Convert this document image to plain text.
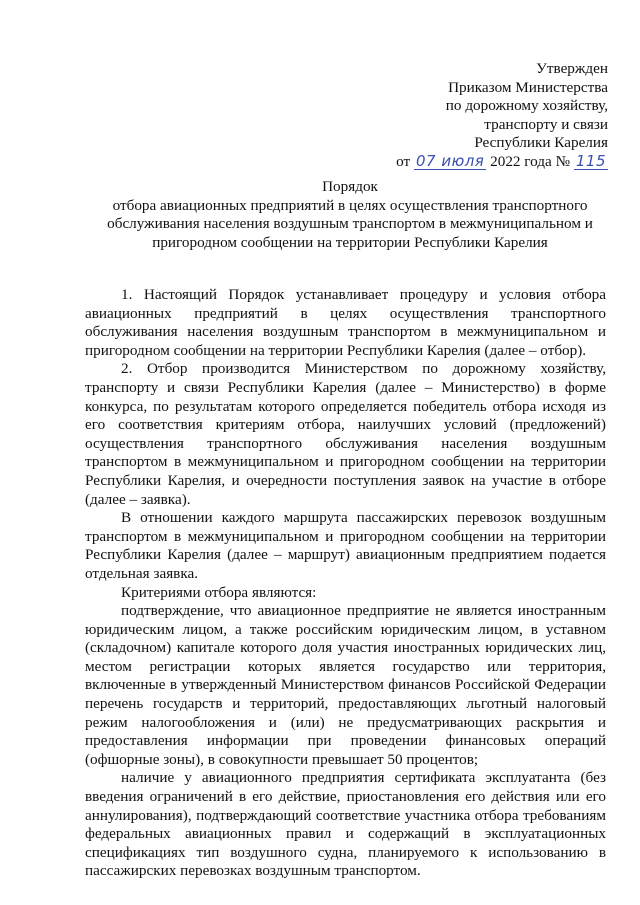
Утвержден
Приказом Министерства
по дорожному хозяйству,
транспорту и связи
Республики Карелия
от 07 июля 2022 года № 115
Порядок
отбора авиационных предприятий в целях осуществления транспортного
обслуживания населения воздушным транспортом в межмуниципальном и
пригородном сообщении на территории Республики Карелия

1. Настоящий Порядок устанавливает процедуру и условия отбора авиационных предприятий в целях осуществления транспортного обслуживания населения воздушным транспортом в межмуниципальном и пригородном сообщении на территории Республики Карелия (далее – отбор).

2. Отбор производится Министерством по дорожному хозяйству, транспорту и связи Республики Карелия (далее – Министерство) в форме конкурса, по результатам которого определяется победитель отбора исходя из его соответствия критериям отбора, наилучших условий (предложений) осуществления транспортного обслуживания населения воздушным транспортом в межмуниципальном и пригородном сообщении на территории Республики Карелия, и очередности поступления заявок на участие в отборе (далее – заявка).

В отношении каждого маршрута пассажирских перевозок воздушным транспортом в межмуниципальном и пригородном сообщении на территории Республики Карелия (далее – маршрут) авиационным предприятием подается отдельная заявка.

Критериями отбора являются:

подтверждение, что авиационное предприятие не является иностранным юридическим лицом, а также российским юридическим лицом, в уставном (складочном) капитале которого доля участия иностранных юридических лиц, местом регистрации которых является государство или территория, включенные в утвержденный Министерством финансов Российской Федерации перечень государств и территорий, предоставляющих льготный налоговый режим налогообложения и (или) не предусматривающих раскрытия и предоставления информации при проведении финансовых операций (офшорные зоны), в совокупности превышает 50 процентов;

наличие у авиационного предприятия сертификата эксплуатанта (без введения ограничений в его действие, приостановления его действия или его аннулирования), подтверждающий соответствие участника отбора требованиям федеральных авиационных правил и содержащий в эксплуатационных спецификациях тип воздушного судна, планируемого к использованию в пассажирских перевозках воздушным транспортом.
